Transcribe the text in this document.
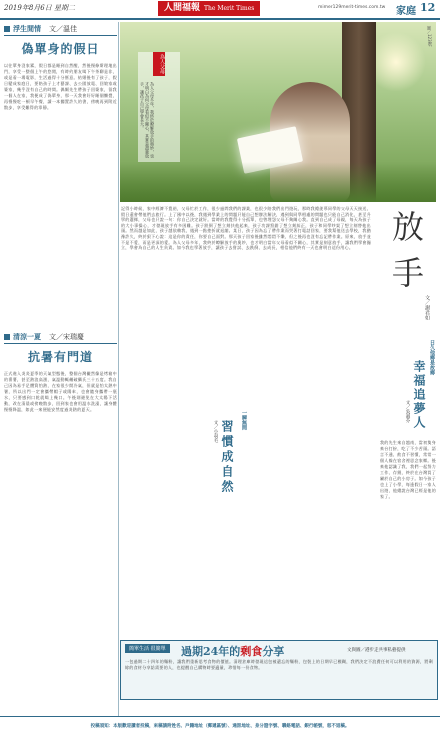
2019年8月6日 星期二	人間福報 The Merit Times	mimer129merit-times.com.tw 家庭 12
浮生閒情 文／溫佳
偽單身的假日
以往單身沒家累，假日都是睡到自然醒，然後慢條斯理地出門，享受一整個上午的悠閒，有時約朋友喝下午茶聊是非，或是看一場電影，生活過得十分愜意。結婚後有了孩子，假日變成家庭日，要陪孩子上才藝課、去公園放電、回娘家或婆家，幾乎沒有自己的時間。偶爾先生帶孩子回婆家，留我一個人在家，我便成了偽單身，那一天我會好好睡個懶覺，再慢慢吃一頓早午餐，讀一本擱置許久的書，傍晚再到附近散步，享受難得的寧靜。
清涼一夏 文／宋瑞慶
抗暑有門道
正式進入炎炎夏季的天氣型態後，整個台灣儼然像是烤箱中的番薯，甚至熱浪高漲，氣溫動輒飆破攝氏三十五度。我自己因為易手足體質怕熱，在家很少開冷氣，但就是怕太熱中暑，所以出門一定會攜帶帽子或陽傘，也會隨身攜帶一瓶水，只要感到口乾就喝上幾口。午後則避免在大太陽下活動，改在清晨或傍晚散步，回到家也會用溫水洗澡，讓身體慢慢降溫，如此一來便能安然度過炎熱的夏天。
為人父母
為人父母多年，我終於瞭解放手的奧妙，也才明白為何父母看似不關心，其實是盡量放手，讓孩子自己學會長大。
圖／123RF
記得小時候，家中經濟不寬裕，父母忙於工作，很少過問我們的課業，也很少陪我們出門遊玩，那時我總羨慕同學的父母天天接送、假日還會帶他們去旅行。上了國中以後，我遇到學業上的問題只能自己想辦法解決，遇到與同學相處的問題也只能自己消化，甚至升學的選擇，父母也只說一句：你自己決定就好。當時的我覺得十分孤單，也曾埋怨父母不夠關心我。直到自己成了母親，每天為孩子的大小事操心，才發現放手有多困難。孩子跌倒了想立刻扶他起來，孩子功課寫錯了想立刻糾正，孩子和同學吵架了想立刻替他出頭。然而越是如此，孩子越依賴我，遇到一點挫折就退縮。某日，孩子因為忘了帶作業而哭著打電話回家，要我幫他送去學校，我猶豫許久，終於狠下心說：這是你的責任，你要自己面對。那天孩子回家後雖然悶悶不樂，但之後再也沒有忘記帶作業。原來，放手並不是不愛，而是更深的愛。為人父母多年，我終於瞭解放手的奧妙，也才明白當年父母看似不關心，其實是刻意放手，讓我們學會獨立，學會為自己的人生負責。如今我也學著放手，讓孩子去嘗試、去跌倒、去成長，相信他們終有一天也會明白這份用心。	放手
文／謝君如
一瞬無間
習慣成自然
文／小羽毛
日久他鄉是故鄉
幸福追夢人
文／吳淑芬
我的先生來自越南，當初隻身來台打拚，吃了不少苦頭。語言不通、飲食不習慣，常常一個人躲在宿舍裡思念家鄉。後來他認識了我，我們一起努力工作、存錢，終於在台灣買了屬於自己的小房子。如今孩子也上了小學，每逢假日一家人出遊，他總說台灣已經是他的家了。
簡單生活 很簡單	過期24年的剩食分享	文與圖／港步走共事私藝提供
一包過期二十四年的麵粉，讓我們重新思考食物的價值。清理倉庫時發現這包被遺忘的麵粉，包裝上的日期早已模糊，我們決定不浪費任何可以利用的資源，將剩餘的食材分享給需要的人，也提醒自己購物時要適量，珍惜每一份食物。
投稿須知：本版歡迎讀者投稿，來稿請附姓名、戶籍地址（郵遞區號）、通訊地址、身分證字號、聯絡電話、銀行帳號，恕不退稿。
